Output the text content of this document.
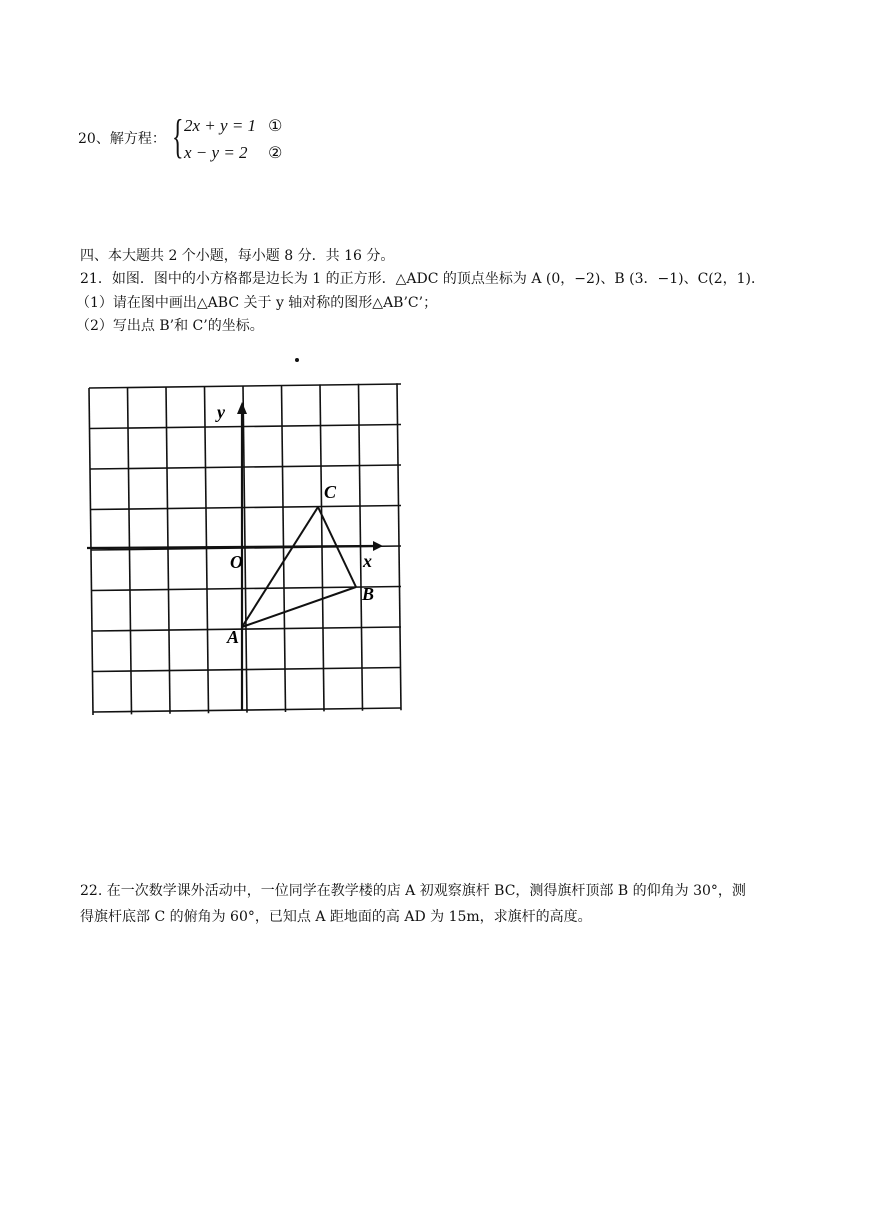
20、解方程： { 2x + y = 1 ①
x − y = 2 ②
四、本大题共 2 个小题，每小题 8 分．共 16 分。
21．如图．图中的小方格都是边长为 1 的正方形．△ADC 的顶点坐标为 A (0，−2)、B (3．−1)、C(2，1)．
（1）请在图中画出△ABC 关于 y 轴对称的图形△AB’C’；
（2）写出点 B’和 C’的坐标。
y
x
O
A
B
C
22. 在一次数学课外活动中，一位同学在教学楼的店 A 初观察旗杆 BC，测得旗杆顶部 B 的仰角为 30°，测
得旗杆底部 C 的俯角为 60°，已知点 A 距地面的高 AD 为 15m，求旗杆的高度。
